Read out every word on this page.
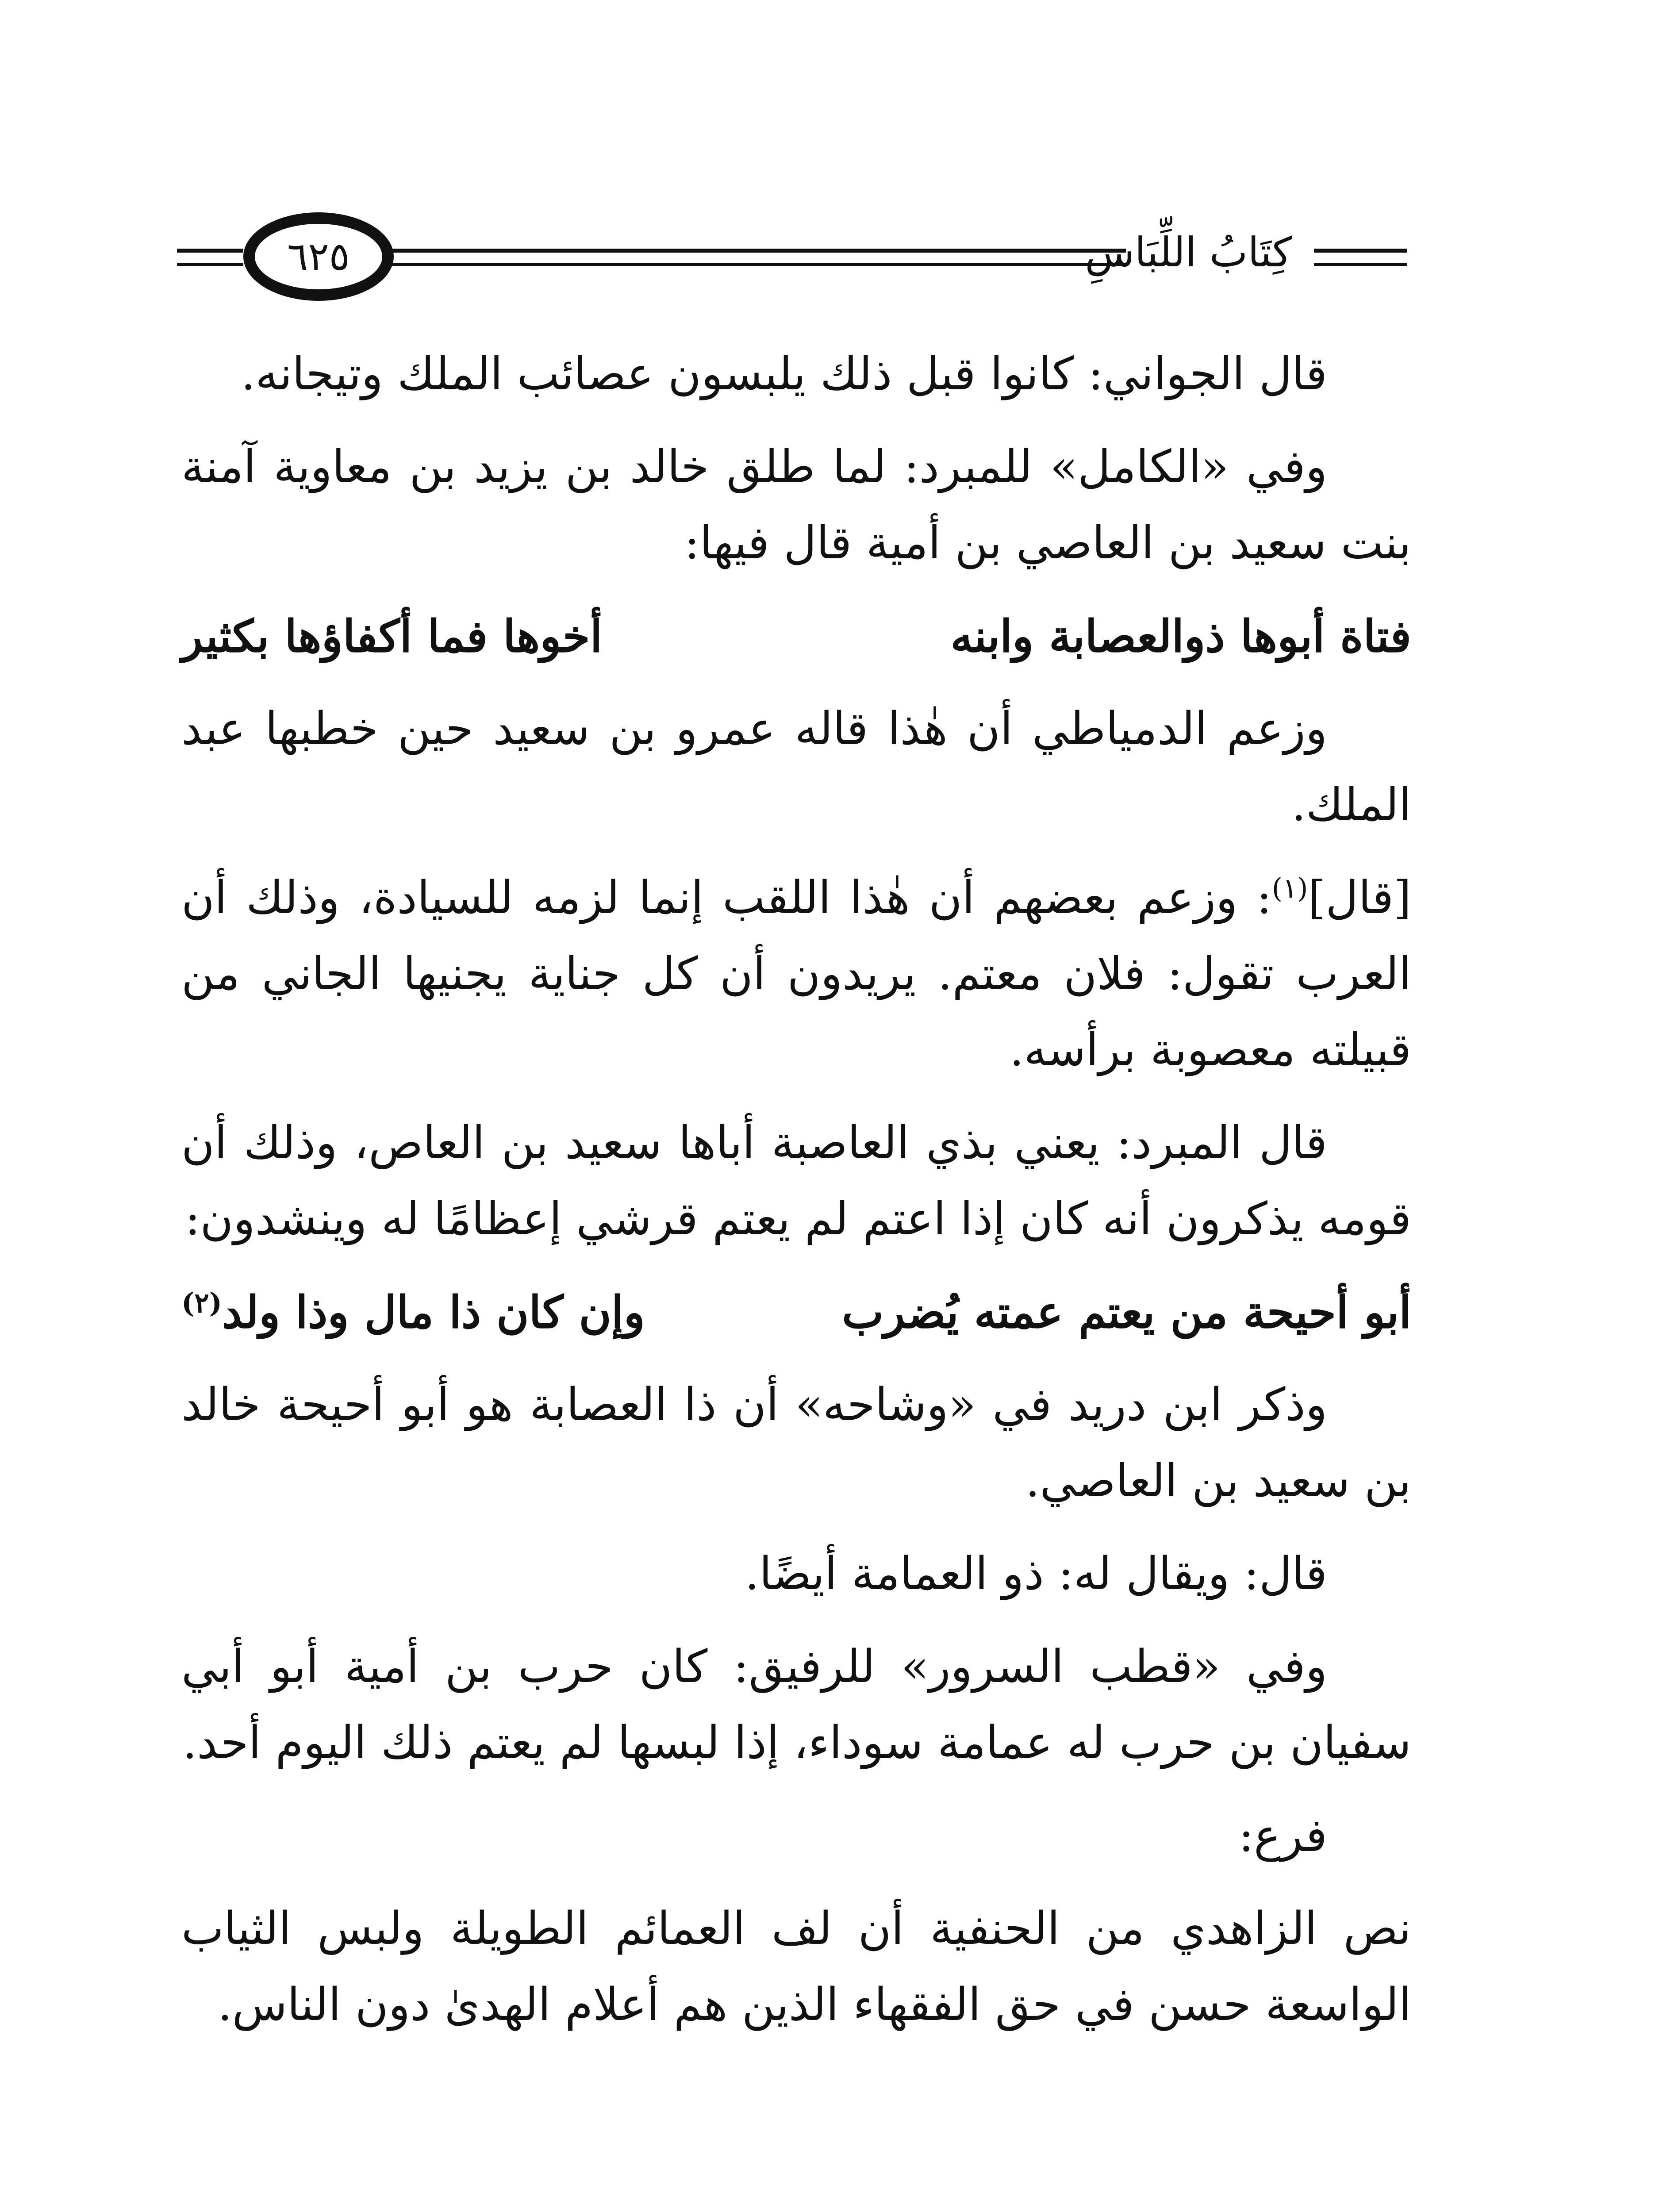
٦٢٥	كِتَابُ اللِّبَاسِ

قال الجواني: كانوا قبل ذلك يلبسون عصائب الملك وتيجانه.

وفي «الكامل» للمبرد: لما طلق خالد بن يزيد بن معاوية آمنة بنت سعيد بن العاصي بن أمية قال فيها:

فتاة أبوها ذوالعصابة وابنه
أخوها فما أكفاؤها بكثير

وزعم الدمياطي أن هٰذا قاله عمرو بن سعيد حين خطبها عبد الملك.

[قال]$^{(١)}$: وزعم بعضهم أن هٰذا اللقب إنما لزمه للسيادة، وذلك أن العرب تقول: فلان معتم. يريدون أن كل جناية يجنيها الجاني من قبيلته معصوبة برأسه.

قال المبرد: يعني بذي العاصبة أباها سعيد بن العاص، وذلك أن قومه يذكرون أنه كان إذا اعتم لم يعتم قرشي إعظامًا له وينشدون:

أبو أحيحة من يعتم عمته يُضرب
وإن كان ذا مال وذا ولد$^{(٢)}$

وذكر ابن دريد في «وشاحه» أن ذا العصابة هو أبو أحيحة خالد بن سعيد بن العاصي.

قال: ويقال له: ذو العمامة أيضًا.

وفي «قطب السرور» للرفيق: كان حرب بن أمية أبو أبي سفيان بن حرب له عمامة سوداء، إذا لبسها لم يعتم ذلك اليوم أحد.

فرع:

نص الزاهدي من الحنفية أن لف العمائم الطويلة ولبس الثياب الواسعة حسن في حق الفقهاء الذين هم أعلام الهدىٰ دون الناس.
